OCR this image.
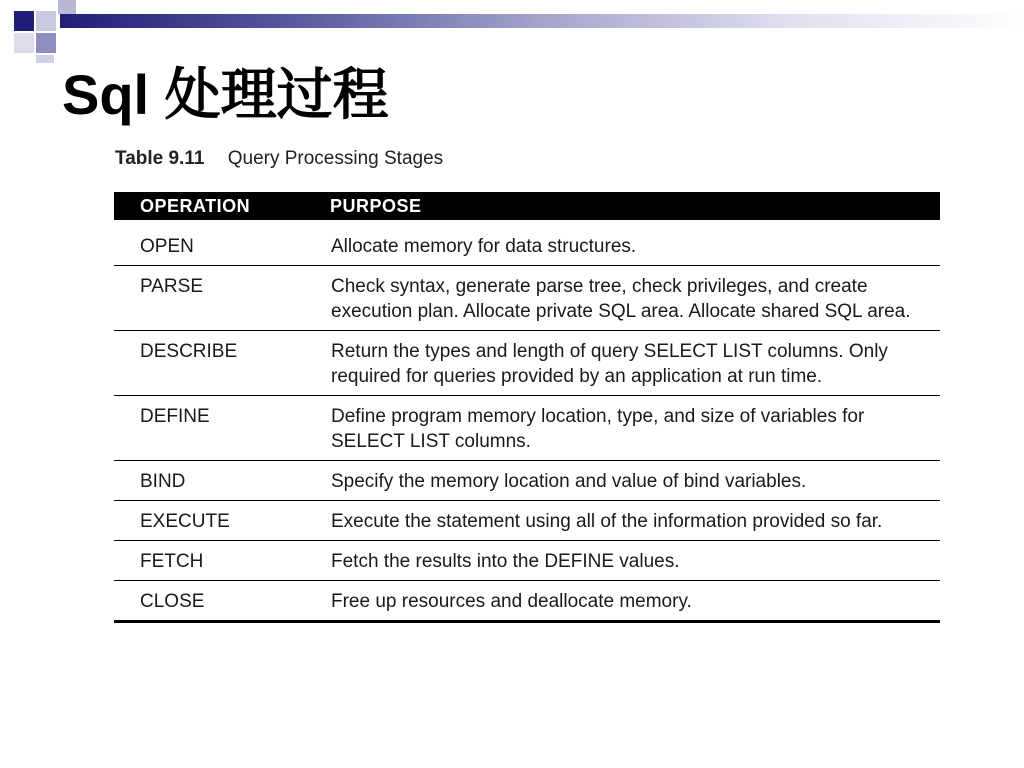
Sql 处理过程
Table 9.11 Query Processing Stages
OPERATION	PURPOSE

OPEN	Allocate memory for data structures.
PARSE	Check syntax, generate parse tree, check privileges, and create execution plan. Allocate private SQL area. Allocate shared SQL area.
DESCRIBE	Return the types and length of query SELECT LIST columns. Only required for queries provided by an application at run time.
DEFINE	Define program memory location, type, and size of variables for SELECT LIST columns.
BIND	Specify the memory location and value of bind variables.
EXECUTE	Execute the statement using all of the information provided so far.
FETCH	Fetch the results into the DEFINE values.
CLOSE	Free up resources and deallocate memory.
